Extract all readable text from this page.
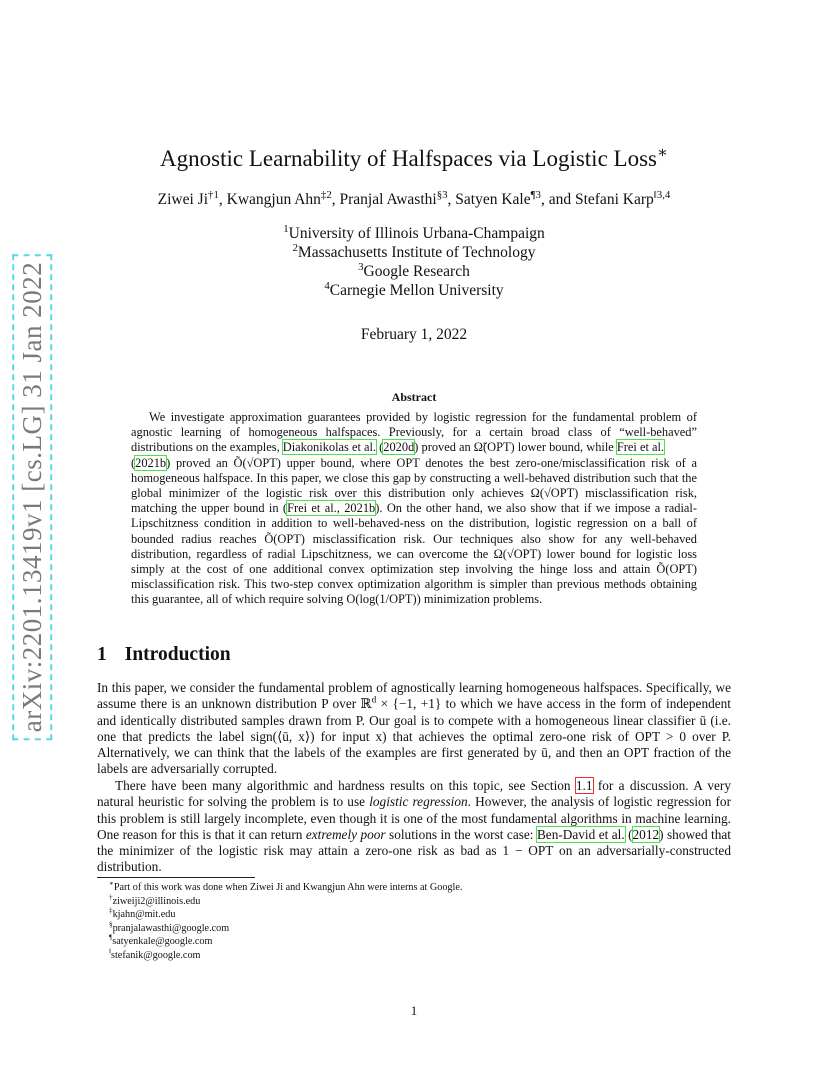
arXiv:2201.13419v1 [cs.LG] 31 Jan 2022
Agnostic Learnability of Halfspaces via Logistic Loss∗
Ziwei Ji$^{\dagger 1}$, Kwangjun Ahn$^{\ddagger 2}$, Pranjal Awasthi$^{\S 3}$, Satyen Kale$^{\P 3}$, and Stefani Karp$^{‖3,4}$
$^1$University of Illinois Urbana-Champaign
$^2$Massachusetts Institute of Technology
$^3$Google Research
$^4$Carnegie Mellon University
February 1, 2022
Abstract

We investigate approximation guarantees provided by logistic regression for the fundamental problem of agnostic learning of homogeneous halfspaces. Previously, for a certain broad class of “well-behaved” distributions on the examples, Diakonikolas et al. (2020d) proved an Ω̃(OPT) lower bound, while Frei et al.
(2021b) proved an Õ(√OPT) upper bound, where OPT denotes the best zero-one/misclassification risk of a homogeneous halfspace. In this paper, we close this gap by constructing a well-behaved distribution such that the global minimizer of the logistic risk over this distribution only achieves Ω(√OPT) misclassification risk, matching the upper bound in (Frei et al., 2021b). On the other hand, we also show that if we impose a radial-Lipschitzness condition in addition to well-behaved-ness on the distribution, logistic regression on a ball of bounded radius reaches Õ(OPT) misclassification risk. Our techniques also show for any well-behaved distribution, regardless of radial Lipschitzness, we can overcome the Ω(√OPT) lower bound for logistic loss simply at the cost of one additional convex optimization step involving the hinge loss and attain Õ(OPT) misclassification risk. This two-step convex optimization algorithm is simpler than previous methods obtaining this guarantee, all of which require solving O(log(1/OPT)) minimization problems.

1 Introduction

In this paper, we consider the fundamental problem of agnostically learning homogeneous halfspaces. Specifically, we assume there is an unknown distribution P over ℝ$^d$ × {−1, +1} to which we have access in the form of independent and identically distributed samples drawn from P. Our goal is to compete with a homogeneous linear classifier ū (i.e. one that predicts the label sign(⟨ū, x⟩) for input x) that achieves the optimal zero-one risk of OPT > 0 over P. Alternatively, we can think that the labels of the examples are first generated by ū, and then an OPT fraction of the labels are adversarially corrupted.

There have been many algorithmic and hardness results on this topic, see Section 1.1 for a discussion. A very natural heuristic for solving the problem is to use logistic regression. However, the analysis of logistic regression for this problem is still largely incomplete, even though it is one of the most fundamental algorithms in machine learning. One reason for this is that it can return extremely poor solutions in the worst case: Ben-David et al. (2012) showed that the minimizer of the logistic risk may attain a zero-one risk as bad as 1 − OPT on an adversarially-constructed distribution.

∗Part of this work was done when Ziwei Ji and Kwangjun Ahn were interns at Google.
†ziweiji2@illinois.edu
‡kjahn@mit.edu
§pranjalawasthi@google.com
¶satyenkale@google.com
‖stefanik@google.com
1
